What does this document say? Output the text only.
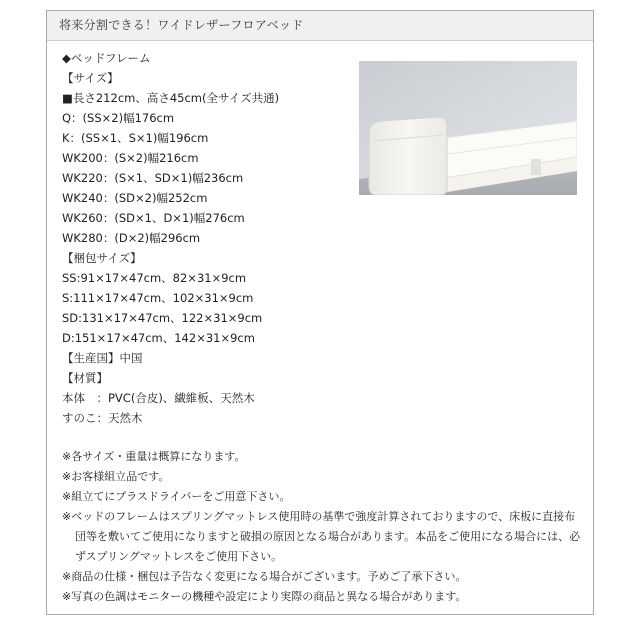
将来分割できる！ワイドレザーフロアベッド
◆ベッドフレーム
【サイズ】
■長さ212cm、高さ45cm(全サイズ共通)
Q：(SS×2)幅176cm
K：(SS×1、S×1)幅196cm
WK200：(S×2)幅216cm
WK220：(S×1、SD×1)幅236cm
WK240：(SD×2)幅252cm
WK260：(SD×1、D×1)幅276cm
WK280：(D×2)幅296cm
【梱包サイズ】
SS:91×17×47cm、82×31×9cm
S:111×17×47cm、102×31×9cm
SD:131×17×47cm、122×31×9cm
D:151×17×47cm、142×31×9cm
【生産国】中国
【材質】
本体　：PVC(合皮)、繊維板、天然木
すのこ：天然木
※各サイズ・重量は概算になります。
※お客様組立品です。
※組立てにプラスドライバーをご用意下さい。
※ベッドのフレームはスプリングマットレス使用時の基準で強度計算されておりますので、床板に直接布団等を敷いてご使用になりますと破損の原因となる場合があります。本品をご使用になる場合には、必ずスプリングマットレスをご使用下さい。
※商品の仕様・梱包は予告なく変更になる場合がございます。予めご了承下さい。
※写真の色調はモニターの機種や設定により実際の商品と異なる場合があります。
